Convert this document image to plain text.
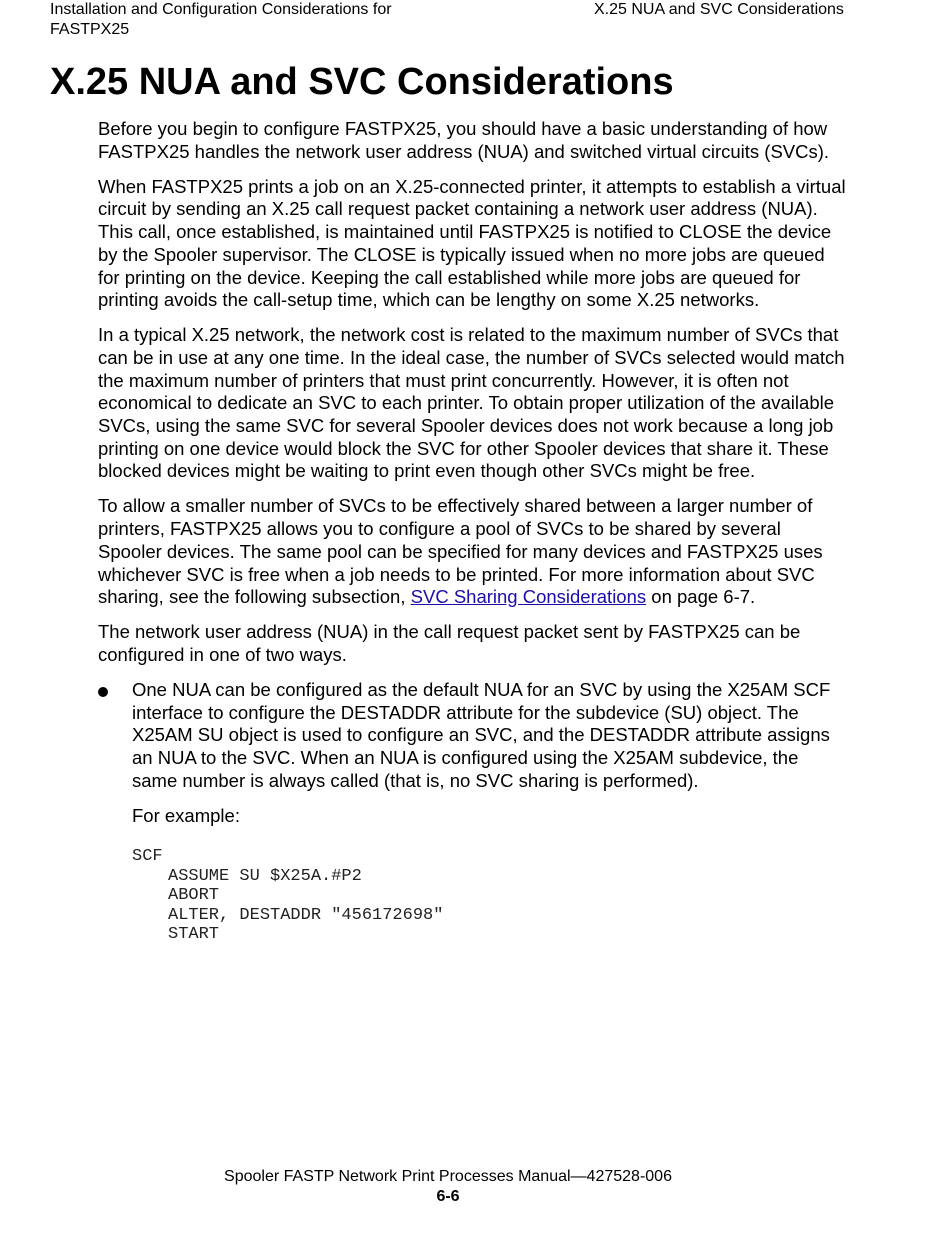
Installation and Configuration Considerations for
FASTPX25
X.25 NUA and SVC Considerations
X.25 NUA and SVC Considerations

Before you begin to configure FASTPX25, you should have a basic understanding of how FASTPX25 handles the network user address (NUA) and switched virtual circuits (SVCs).

When FASTPX25 prints a job on an X.25-connected printer, it attempts to establish a virtual circuit by sending an X.25 call request packet containing a network user address (NUA). This call, once established, is maintained until FASTPX25 is notified to CLOSE the device by the Spooler supervisor. The CLOSE is typically issued when no more jobs are queued for printing on the device. Keeping the call established while more jobs are queued for printing avoids the call-setup time, which can be lengthy on some X.25 networks.

In a typical X.25 network, the network cost is related to the maximum number of SVCs that can be in use at any one time. In the ideal case, the number of SVCs selected would match the maximum number of printers that must print concurrently. However, it is often not economical to dedicate an SVC to each printer. To obtain proper utilization of the available SVCs, using the same SVC for several Spooler devices does not work because a long job printing on one device would block the SVC for other Spooler devices that share it. These blocked devices might be waiting to print even though other SVCs might be free.

To allow a smaller number of SVCs to be effectively shared between a larger number of printers, FASTPX25 allows you to configure a pool of SVCs to be shared by several Spooler devices. The same pool can be specified for many devices and FASTPX25 uses whichever SVC is free when a job needs to be printed. For more information about SVC sharing, see the following subsection, SVC Sharing Considerations on page 6-7.

The network user address (NUA) in the call request packet sent by FASTPX25 can be configured in one of two ways.

One NUA can be configured as the default NUA for an SVC by using the X25AM SCF interface to configure the DESTADDR attribute for the subdevice (SU) object. The X25AM SU object is used to configure an SVC, and the DESTADDR attribute assigns an NUA to the SVC. When an NUA is configured using the X25AM subdevice, the same number is always called (that is, no SVC sharing is performed).

For example:

SCF
ASSUME SU $X25A.#P2
ABORT
ALTER, DESTADDR "456172698"
START
Spooler FASTP Network Print Processes Manual—427528-006
6-6
